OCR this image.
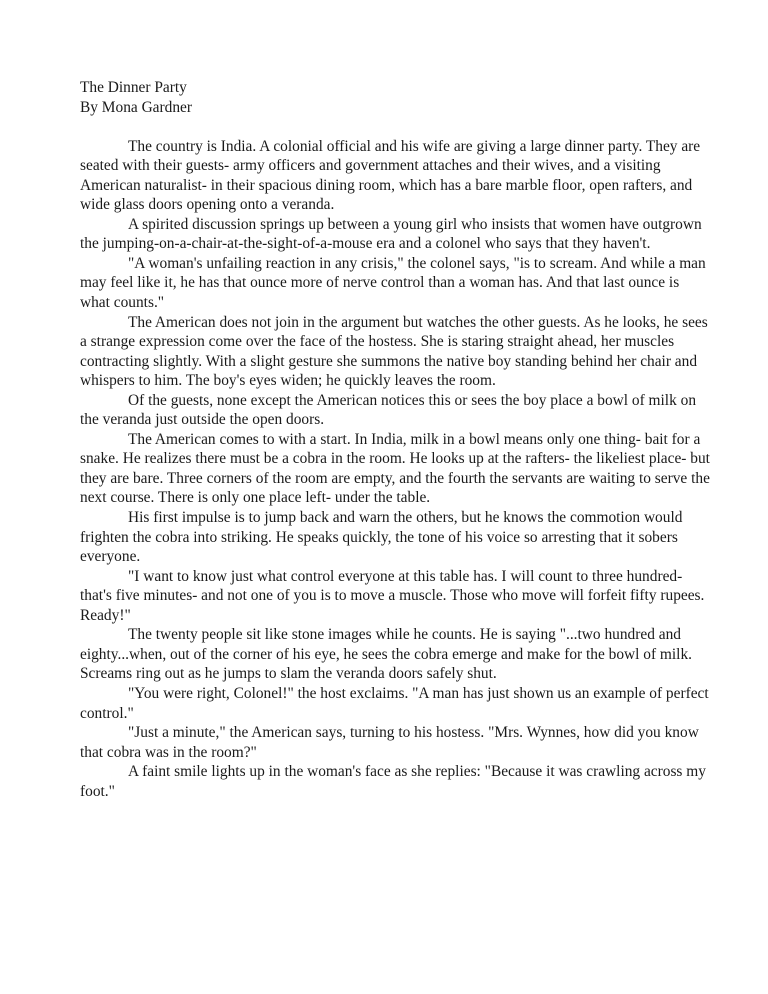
The Dinner Party

By Mona Gardner

The country is India. A colonial official and his wife are giving a large dinner party. They are seated with their guests- army officers and government attaches and their wives, and a visiting American naturalist- in their spacious dining room, which has a bare marble floor, open rafters, and wide glass doors opening onto a veranda.

A spirited discussion springs up between a young girl who insists that women have outgrown the jumping-on-a-chair-at-the-sight-of-a-mouse era and a colonel who says that they haven't.

"A woman's unfailing reaction in any crisis," the colonel says, "is to scream. And while a man may feel like it, he has that ounce more of nerve control than a woman has. And that last ounce is what counts."

The American does not join in the argument but watches the other guests. As he looks, he sees a strange expression come over the face of the hostess. She is staring straight ahead, her muscles contracting slightly. With a slight gesture she summons the native boy standing behind her chair and whispers to him. The boy's eyes widen; he quickly leaves the room.

Of the guests, none except the American notices this or sees the boy place a bowl of milk on the veranda just outside the open doors.

The American comes to with a start. In India, milk in a bowl means only one thing- bait for a snake. He realizes there must be a cobra in the room. He looks up at the rafters- the likeliest place- but they are bare. Three corners of the room are empty, and the fourth the servants are waiting to serve the next course. There is only one place left- under the table.

His first impulse is to jump back and warn the others, but he knows the commotion would frighten the cobra into striking. He speaks quickly, the tone of his voice so arresting that it sobers everyone.

"I want to know just what control everyone at this table has. I will count to three hundred- that's five minutes- and not one of you is to move a muscle. Those who move will forfeit fifty rupees. Ready!"

The twenty people sit like stone images while he counts. He is saying "...two hundred and eighty...when, out of the corner of his eye, he sees the cobra emerge and make for the bowl of milk. Screams ring out as he jumps to slam the veranda doors safely shut.

"You were right, Colonel!" the host exclaims. "A man has just shown us an example of perfect control."

"Just a minute," the American says, turning to his hostess. "Mrs. Wynnes, how did you know that cobra was in the room?"

A faint smile lights up in the woman's face as she replies: "Because it was crawling across my foot."
